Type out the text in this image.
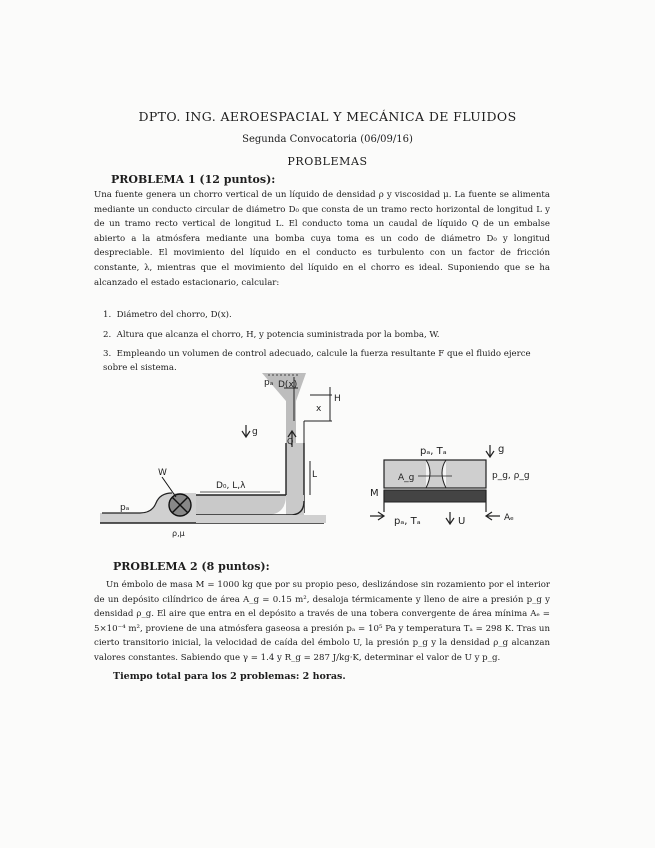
DPTO. ING. AEROESPACIAL Y MECÁNICA DE FLUIDOS
Segunda Convocatoria (06/09/16)
PROBLEMAS
PROBLEMA 1 (12 puntos):
Una fuente genera un chorro vertical de un líquido de densidad ρ y viscosidad μ. La fuente se alimenta mediante un conducto circular de diámetro D₀ que consta de un tramo recto horizontal de longitud L y de un tramo recto vertical de longitud L. El conducto toma un caudal de líquido Q de un embalse abierto a la atmósfera mediante una bomba cuya toma es un codo de diámetro D₀ y longitud despreciable. El movimiento del líquido en el conducto es turbulento con un factor de fricción constante, λ, mientras que el movimiento del líquido en el chorro es ideal. Suponiendo que se ha alcanzado el estado estacionario, calcular:
1. Diámetro del chorro, D(x).
2. Altura que alcanza el chorro, H, y potencia suministrada por la bomba, W.
3. Empleando un volumen de control adecuado, calcule la fuerza resultante F que el fluido ejerce sobre el sistema.
pₐ D(x)
x
H
g
Q
W
D₀, L,λ
L
pₐ
ρ,μ
pₐ, Tₐ	g
A_g	p_g, ρ_g
M
pₐ, Tₐ	U	Aₑ
PROBLEMA 2 (8 puntos):
Un émbolo de masa M = 1000 kg que por su propio peso, deslizándose sin rozamiento por el interior de un depósito cilíndrico de área A_g = 0.15 m², desaloja térmicamente y lleno de aire a presión p_g y densidad ρ_g. El aire que entra en el depósito a través de una tobera convergente de área mínima Aₑ = 5×10⁻⁴ m², proviene de una atmósfera gaseosa a presión pₐ = 10⁵ Pa y temperatura Tₐ = 298 K. Tras un cierto transitorio inicial, la velocidad de caída del émbolo U, la presión p_g y la densidad ρ_g alcanzan valores constantes. Sabiendo que γ = 1.4 y R_g = 287 J/kg·K, determinar el valor de U y p_g.
Tiempo total para los 2 problemas: 2 horas.
